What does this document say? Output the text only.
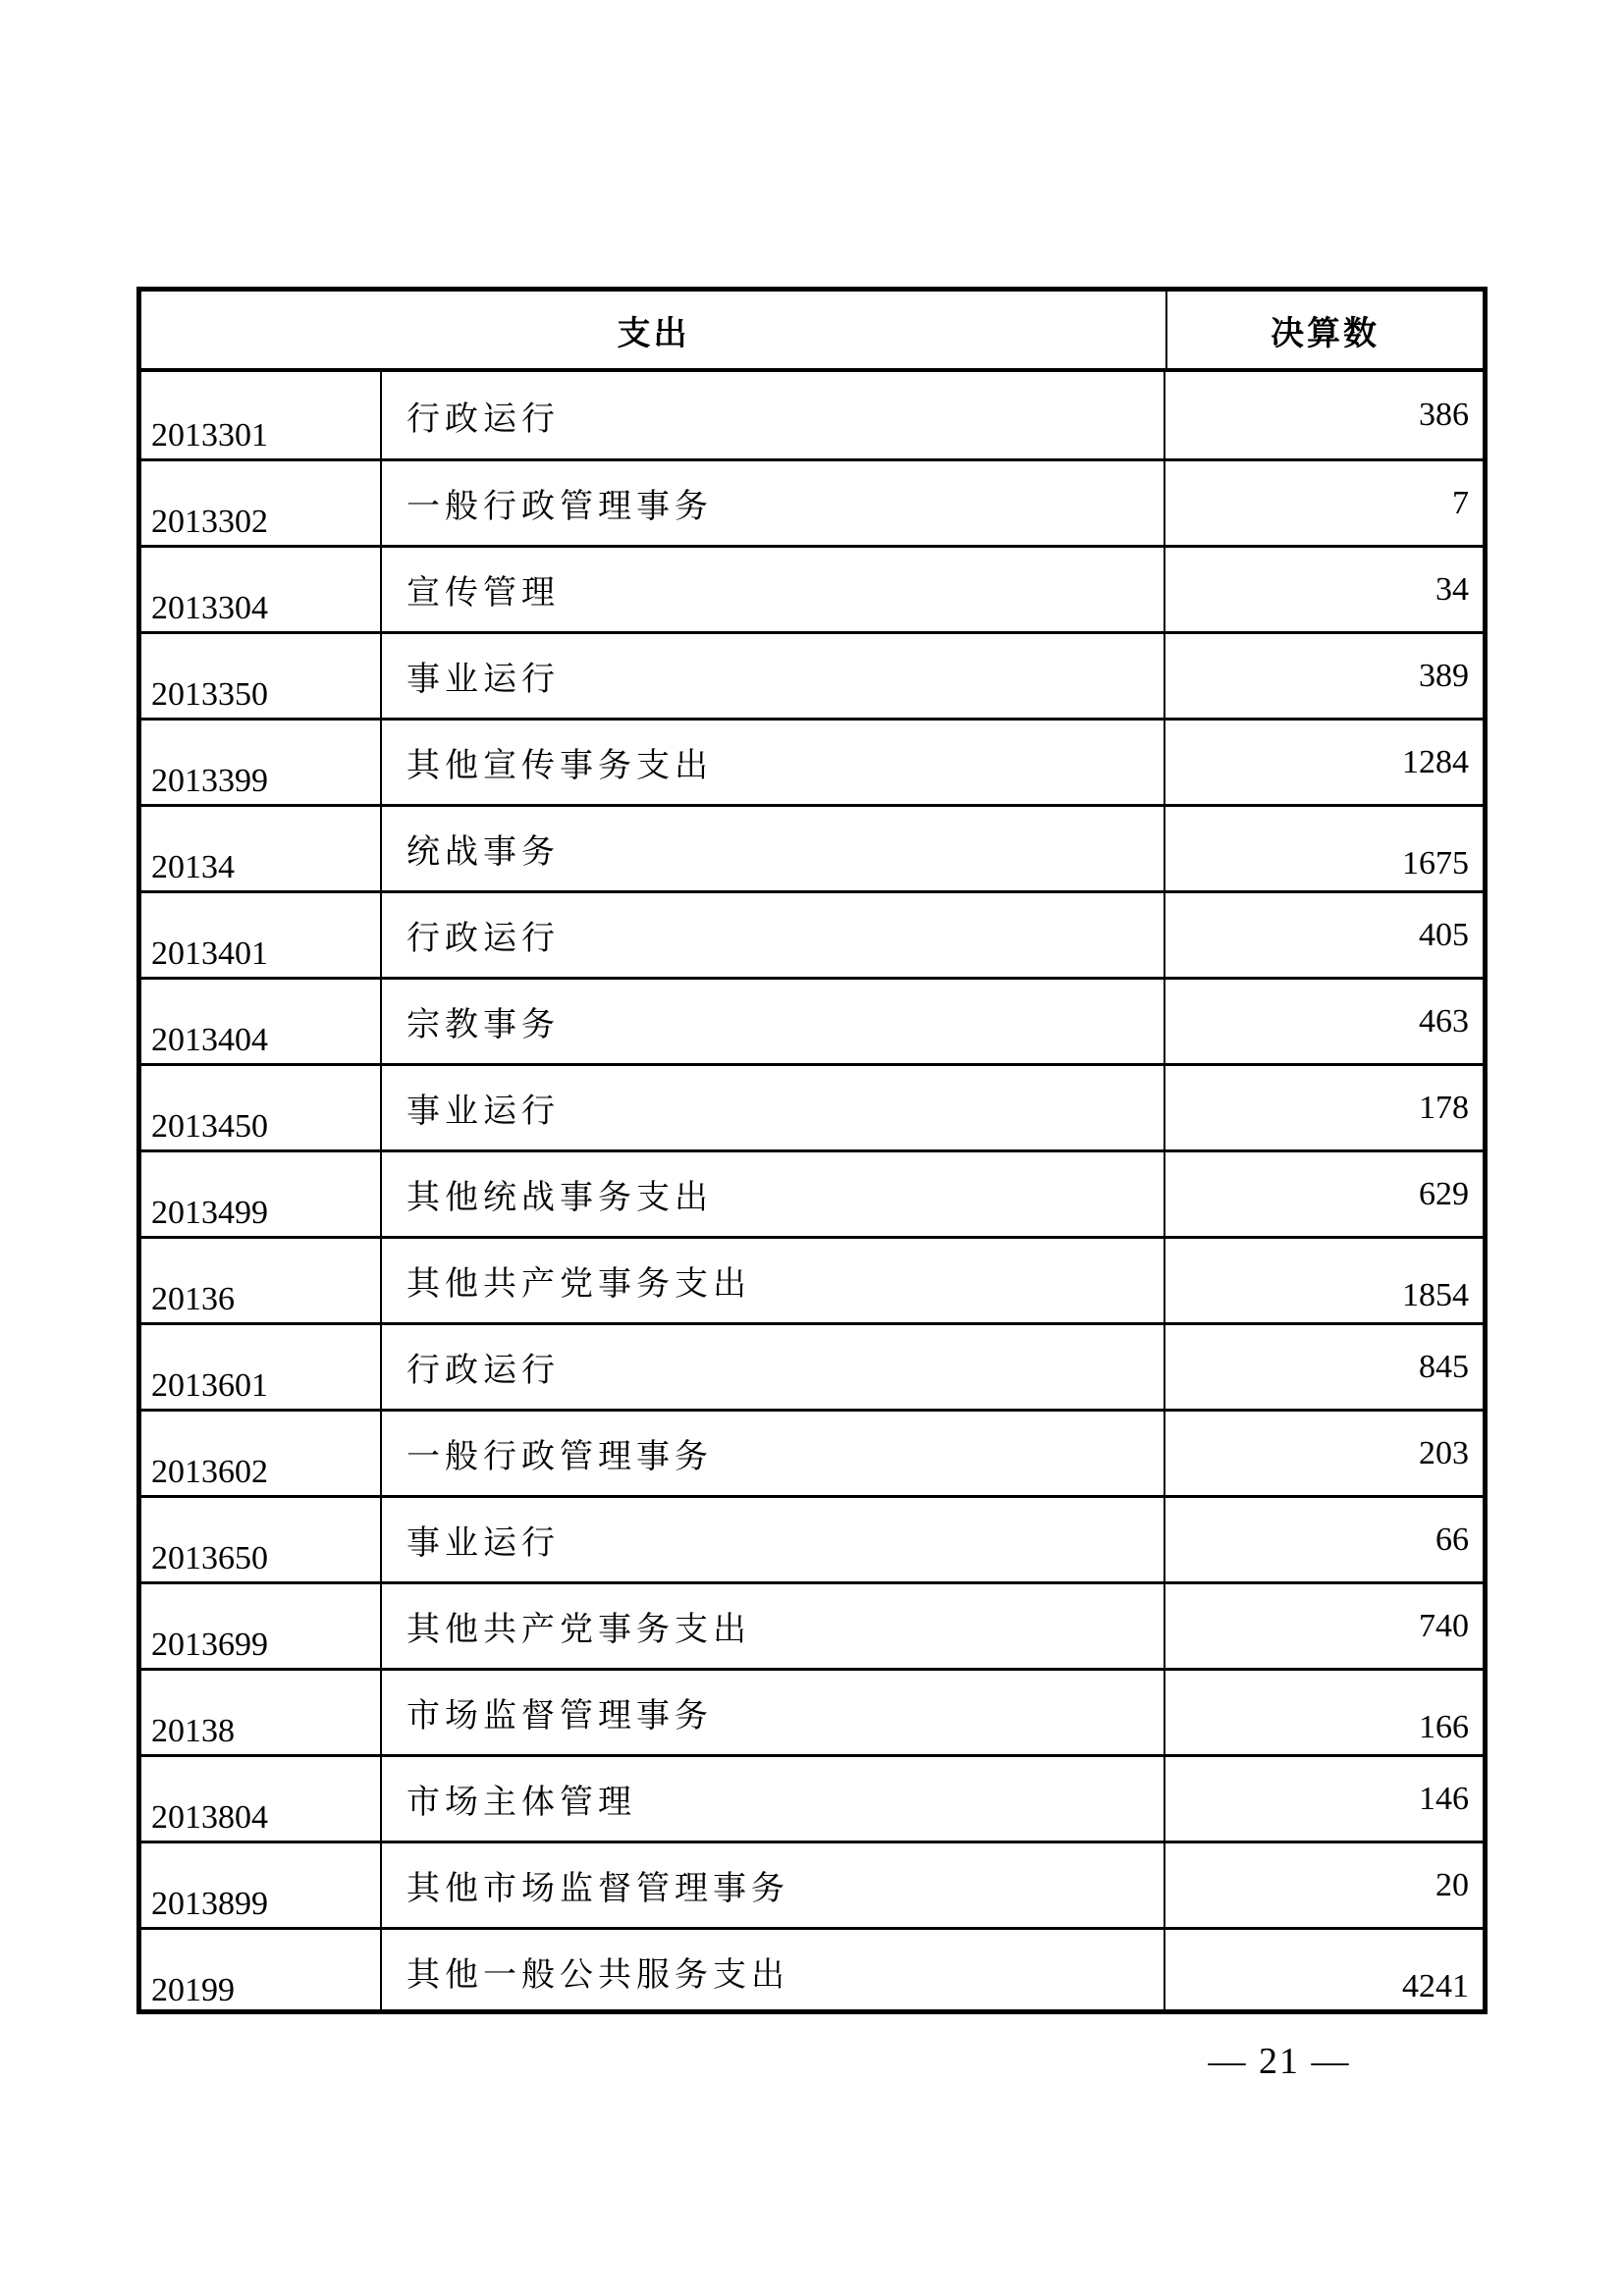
支出	决算数
2013301	行政运行	386
2013302	一般行政管理事务	7
2013304	宣传管理	34
2013350	事业运行	389
2013399	其他宣传事务支出	1284
20134	统战事务	1675
2013401	行政运行	405
2013404	宗教事务	463
2013450	事业运行	178
2013499	其他统战事务支出	629
20136	其他共产党事务支出	1854
2013601	行政运行	845
2013602	一般行政管理事务	203
2013650	事业运行	66
2013699	其他共产党事务支出	740
20138	市场监督管理事务	166
2013804	市场主体管理	146
2013899	其他市场监督管理事务	20
20199	其他一般公共服务支出	4241
— 21 —
